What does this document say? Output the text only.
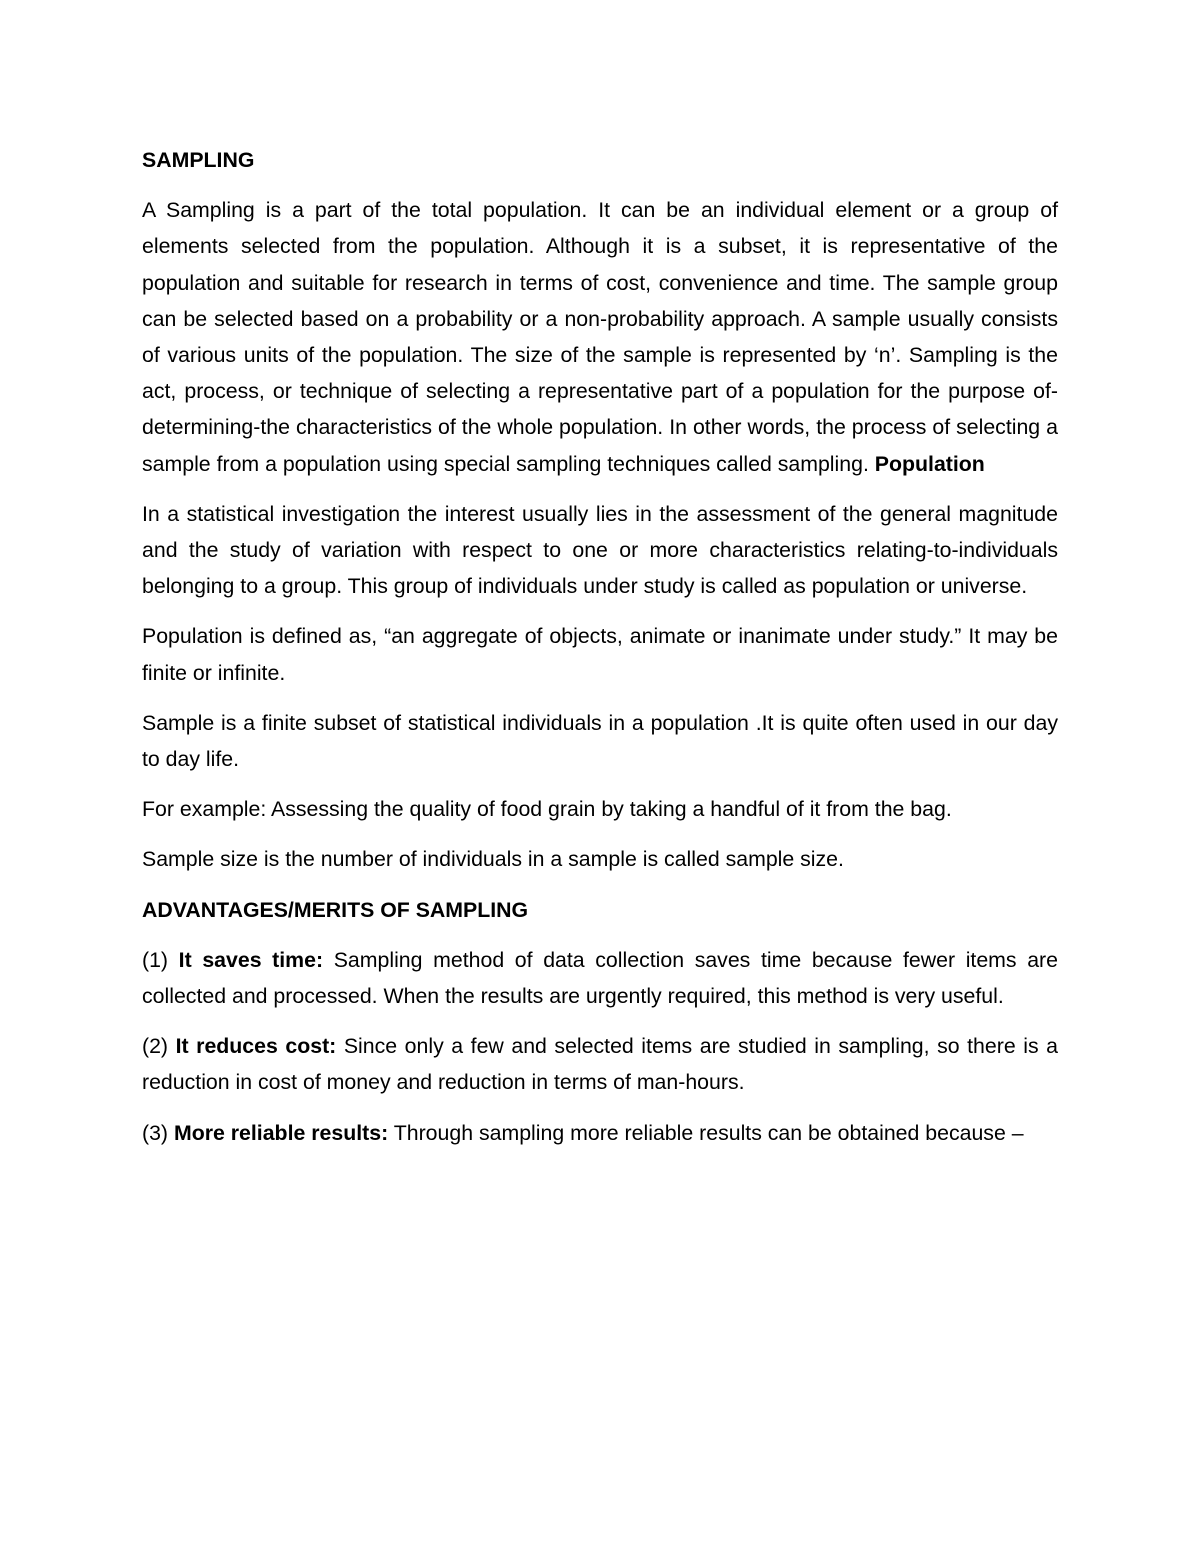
SAMPLING

A Sampling is a part of the total population. It can be an individual element or a group of elements selected from the population. Although it is a subset, it is representative of the population and suitable for research in terms of cost, convenience and time. The sample group can be selected based on a probability or a non-probability approach. A sample usually consists of various units of the population. The size of the sample is represented by ‘n’. Sampling is the act, process, or technique of selecting a representative part of a population for the purpose of-determining-the characteristics of the whole population. In other words, the process of selecting a sample from a population using special sampling techniques called sampling. Population

In a statistical investigation the interest usually lies in the assessment of the general magnitude and the study of variation with respect to one or more characteristics relating-to-individuals belonging to a group. This group of individuals under study is called as population or universe.

Population is defined as, “an aggregate of objects, animate or inanimate under study.” It may be finite or infinite.

Sample is a finite subset of statistical individuals in a population .It is quite often used in our day to day life.

For example: Assessing the quality of food grain by taking a handful of it from the bag.

Sample size is the number of individuals in a sample is called sample size.

ADVANTAGES/MERITS OF SAMPLING

(1) It saves time: Sampling method of data collection saves time because fewer items are collected and processed. When the results are urgently required, this method is very useful.

(2) It reduces cost: Since only a few and selected items are studied in sampling, so there is a reduction in cost of money and reduction in terms of man-hours.

(3) More reliable results: Through sampling more reliable results can be obtained because –
